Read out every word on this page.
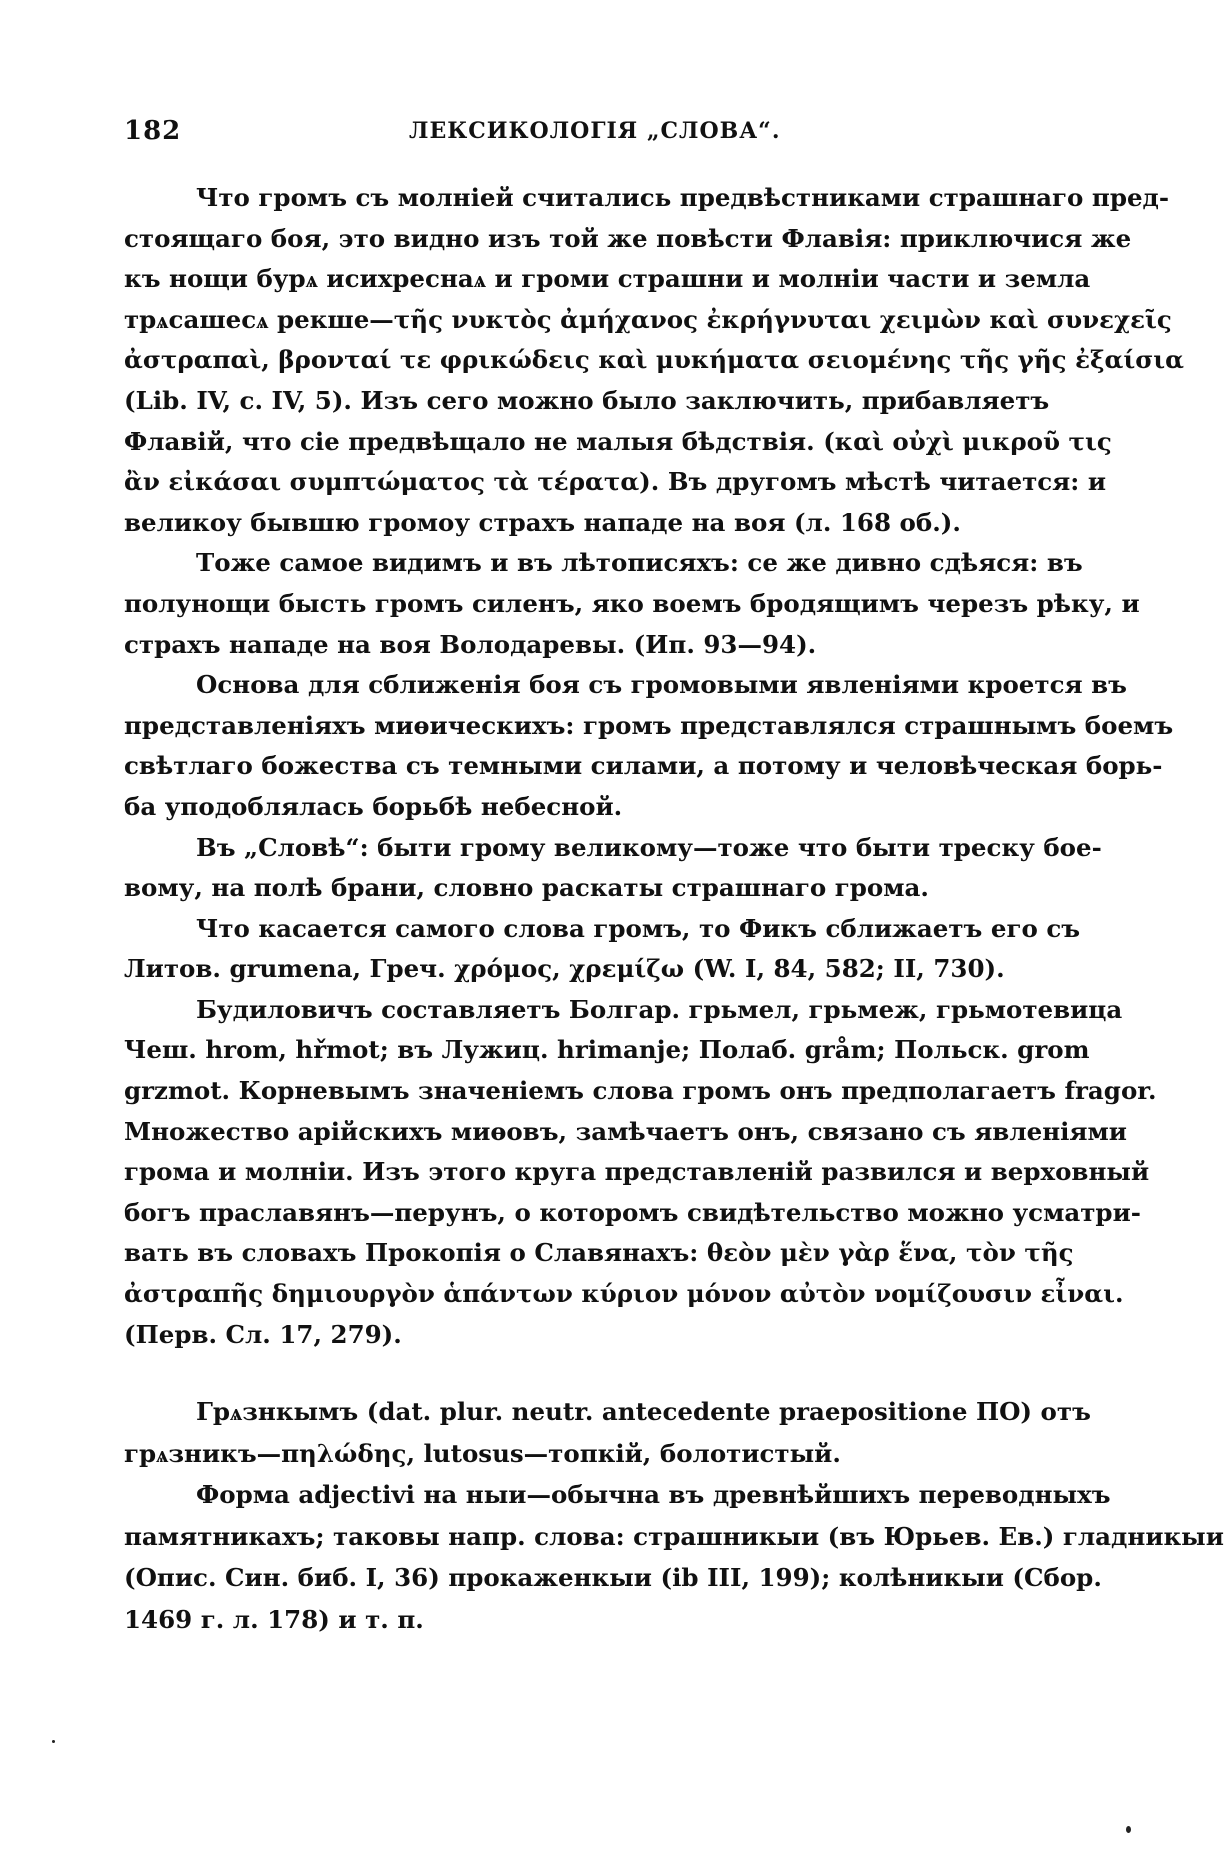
182	ЛЕКСИКОЛОГІЯ „СЛОВА“.
Что громъ съ молніей считались предвѣстниками страшнаго пред-
стоящаго боя, это видно изъ той же повѣсти Флавія: приключися же
къ нощи бурѧ исихреснаѧ и громи страшни и молніи части и земла
трѧсашесѧ рекшe—τῆς νυκτὸς ἀμήχανος ἐκρήγνυται χειμὼν καὶ συνεχεῖς
ἀστραπαὶ, βρονταί τε φρικώδεις καὶ μυκήματα σειομένης τῆς γῆς ἐξαίσια
(Lib. IV, c. IV, 5). Изъ сего можно было заключить, прибавляетъ
Флавій, что сіе предвѣщало не малыя бѣдствія. (καὶ οὐχὶ μικροῦ τις
ἂν εἰκάσαι συμπτώματος τὰ τέρατα). Въ другомъ мѣстѣ читается: и
великоу бывшю громоу страхъ нападе на воя (л. 168 об.).
Тоже самое видимъ и въ лѣтописяхъ: се же дивно сдѣяся: въ
полунощи бысть громъ силенъ, яко воемъ бродящимъ черезъ рѣку, и
страхъ нападе на воя Володаревы. (Ип. 93—94).
Основа для сближенія боя съ громовыми явленіями кроется въ
представленіяхъ миѳическихъ: громъ представлялся страшнымъ боемъ
свѣтлаго божества съ темными силами, а потому и человѣческая борь-
ба уподоблялась борьбѣ небесной.
Въ „Словѣ“: быти грому великому—тоже что быти треску бое-
вому, на полѣ брани, словно раскаты страшнаго грома.
Что касается самого слова громъ, то Фикъ сближаетъ его съ
Литов. grumena, Греч. χρόμος, χρεμίζω (W. I, 84, 582; II, 730).
Будиловичъ составляетъ Болгар. грьмел, грьмеж, грьмотевица
Чеш. hrom, hřmot; въ Лужиц. hrimanje; Полаб. gråm; Польск. grom
grzmot. Корневымъ значеніемъ слова громъ онъ предполагаетъ fragor.
Множество арійскихъ миѳовъ, замѣчаетъ онъ, связано съ явленіями
грома и молніи. Изъ этого круга представленій развился и верховный
богъ праславянъ—перунъ, о которомъ свидѣтельство можно усматри-
вать въ словахъ Прокопія о Славянахъ: θεὸν μὲν γὰρ ἕνα, τὸν τῆς
ἀστραπῆς δημιουργὸν ἁπάντων κύριον μόνον αὐτὸν νομίζουσιν εἶναι.
(Перв. Сл. 17, 279).
Грѧзнкымъ (dat. plur. neutr. antecedente praepositione ПО) отъ
грѧзникъ—πηλώδης, lutosus—топкій, болотистый.
Форма adjectivi на ныи—обычна въ древнѣйшихъ переводныхъ
памятникахъ; таковы напр. слова: страшникыи (въ Юрьев. Ев.) гладникыи
(Опис. Син. биб. I, 36) прокаженкыи (ib III, 199); колѣникыи (Сбор.
1469 г. л. 178) и т. п.
